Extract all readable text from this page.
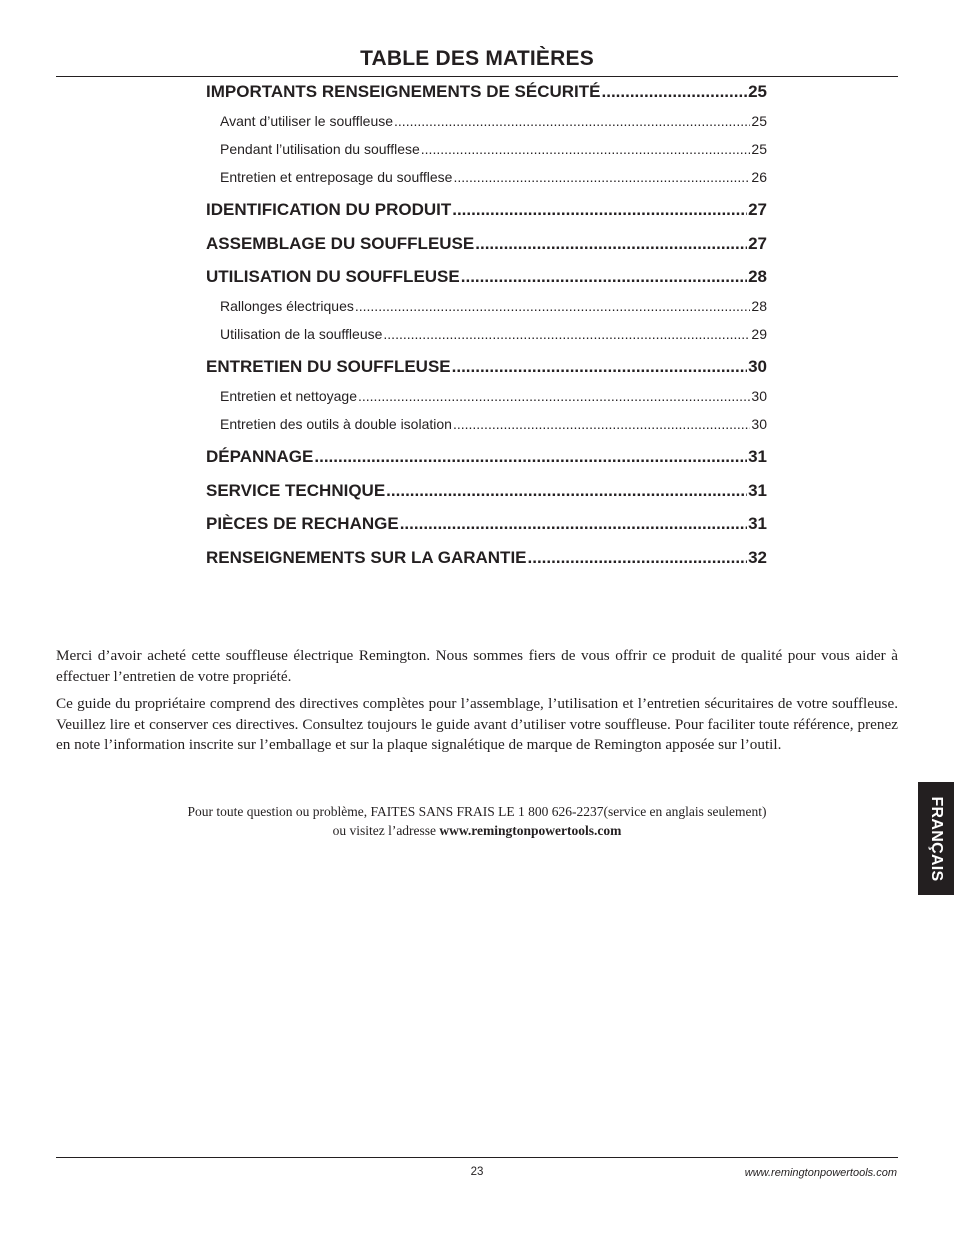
TABLE DES MATIÈRES
IMPORTANTS RENSEIGNEMENTS DE SÉCURITÉ .....	25
Avant d’utiliser le souffleuse .....	25
Pendant l’utilisation du soufflese .....	25
Entretien et entreposage du soufflese .....	26
IDENTIFICATION DU PRODUIT .....	27
ASSEMBLAGE DU SOUFFLEUSE .....	27
UTILISATION DU SOUFFLEUSE .....	28
Rallonges électriques .....	28
Utilisation de la souffleuse .....	29
ENTRETIEN DU SOUFFLEUSE .....	30
Entretien et nettoyage .....	30
Entretien des outils à double isolation .....	30
DÉPANNAGE .....	31
SERVICE TECHNIQUE .....	31
PIÈCES DE RECHANGE .....	31
RENSEIGNEMENTS SUR LA GARANTIE .....	32

Merci d’avoir acheté cette souffleuse électrique Remington. Nous sommes fiers de vous offrir ce produit de qualité pour vous aider à effectuer l’entretien de votre propriété.

Ce guide du propriétaire comprend des directives complètes pour l’assemblage, l’utilisation et l’entretien sécuritaires de votre souffleuse. Veuillez lire et conserver ces directives. Consultez toujours le guide avant d’utiliser votre souffleuse. Pour faciliter toute référence, prenez en note l’information inscrite sur l’emballage et sur la plaque signalétique de marque de Remington apposée sur l’outil.

Pour toute question ou problème, FAITES SANS FRAIS LE 1 800 626-2237(service en anglais seulement)
ou visitez l’adresse www.remingtonpowertools.com	FRANÇAIS
23	www.remingtonpowertools.com
